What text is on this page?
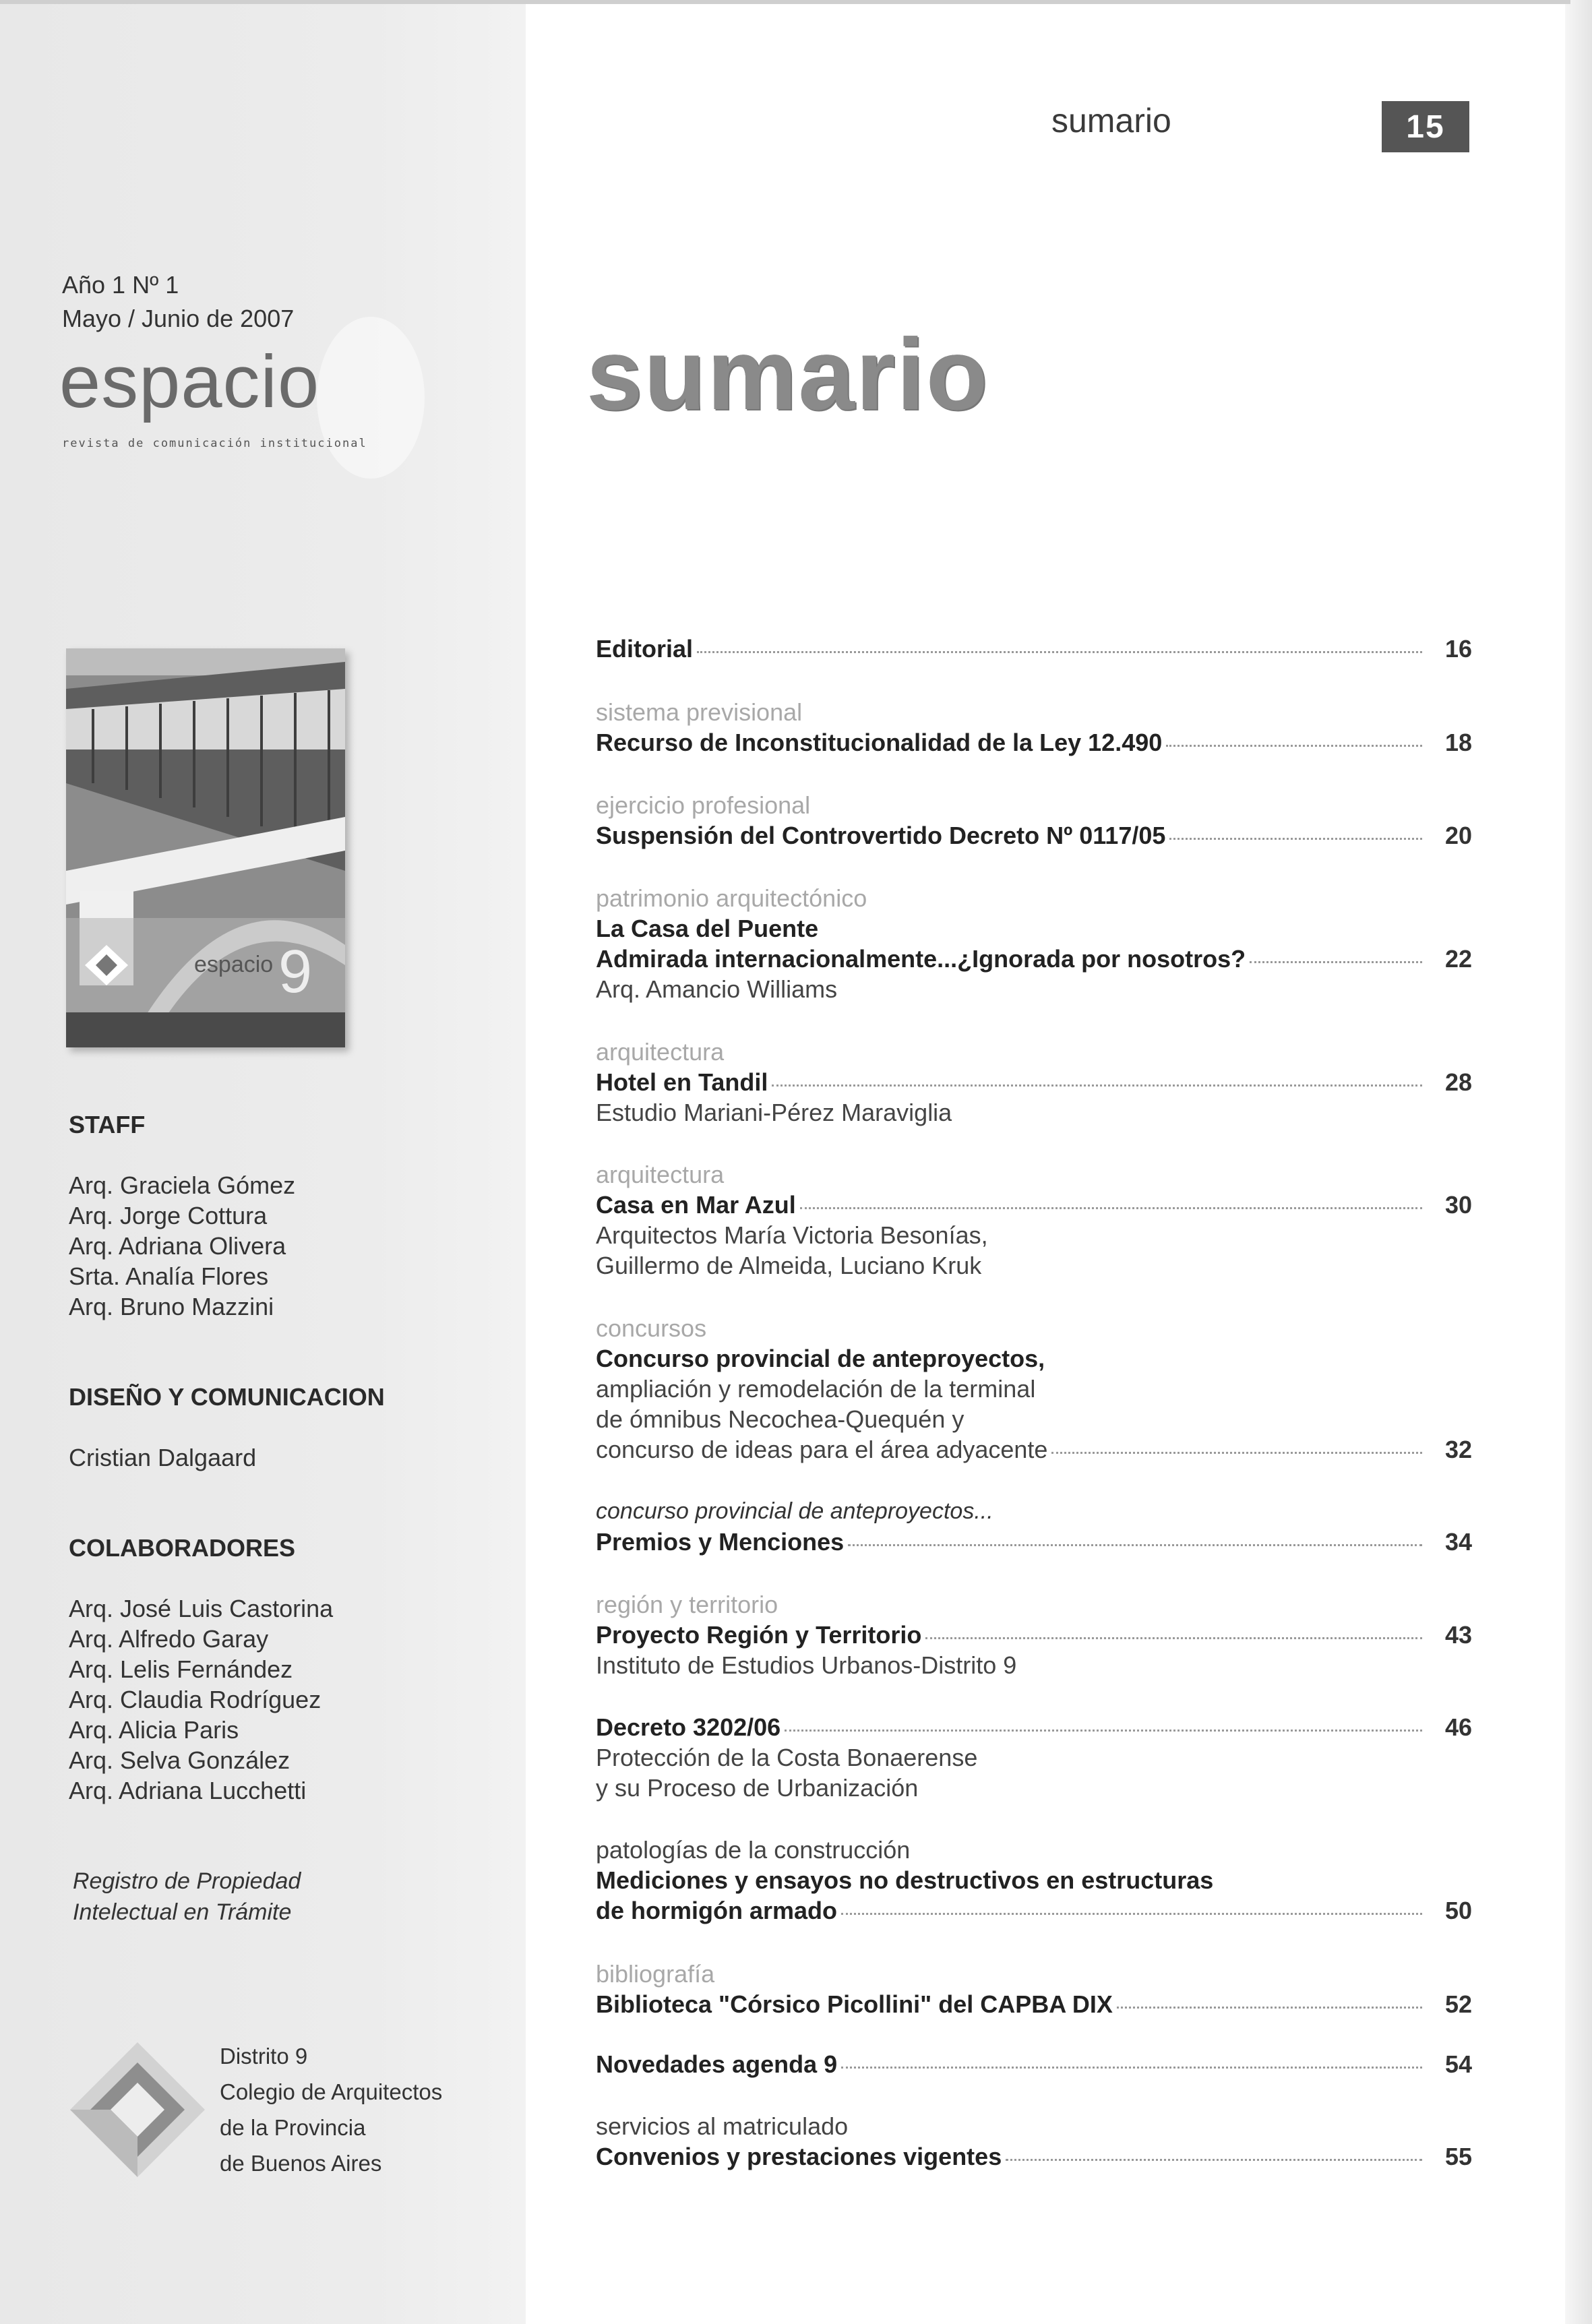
sumario	15
Año 1 Nº 1
Mayo / Junio de 2007
espacio
revista de comunicación institucional
sumario
espacio 9
STAFF
Arq. Graciela Gómez
Arq. Jorge Cottura
Arq. Adriana Olivera
Srta. Analía Flores
Arq. Bruno Mazzini
DISEÑO Y COMUNICACION
Cristian Dalgaard
COLABORADORES
Arq. José Luis Castorina
Arq. Alfredo Garay
Arq. Lelis Fernández
Arq. Claudia Rodríguez
Arq. Alicia Paris
Arq. Selva González
Arq. Adriana Lucchetti
Registro de Propiedad
Intelectual en Trámite
Distrito 9
Colegio de Arquitectos
de la Provincia
de Buenos Aires
Editorial	16
sistema previsional
Recurso de Inconstitucionalidad de la Ley 12.490	18
ejercicio profesional
Suspensión del Controvertido Decreto Nº 0117/05	20
patrimonio arquitectónico
La Casa del Puente
Admirada internacionalmente...¿Ignorada por nosotros?	22
Arq. Amancio Williams
arquitectura
Hotel en Tandil	28
Estudio Mariani-Pérez Maraviglia
arquitectura
Casa en Mar Azul	30
Arquitectos María Victoria Besonías,
Guillermo de Almeida, Luciano Kruk
concursos
Concurso provincial de anteproyectos,
ampliación y remodelación de la terminal
de ómnibus Necochea-Quequén y
concurso de ideas para el área adyacente	32
concurso provincial de anteproyectos...
Premios y Menciones	34
región y territorio
Proyecto Región y Territorio	43
Instituto de Estudios Urbanos-Distrito 9
Decreto 3202/06	46
Protección de la Costa Bonaerense
y su Proceso de Urbanización
patologías de la construcción
Mediciones y ensayos no destructivos en estructuras
de hormigón armado	50
bibliografía
Biblioteca "Córsico Picollini" del CAPBA DIX	52
Novedades agenda 9	54
servicios al matriculado
Convenios y prestaciones vigentes	55
